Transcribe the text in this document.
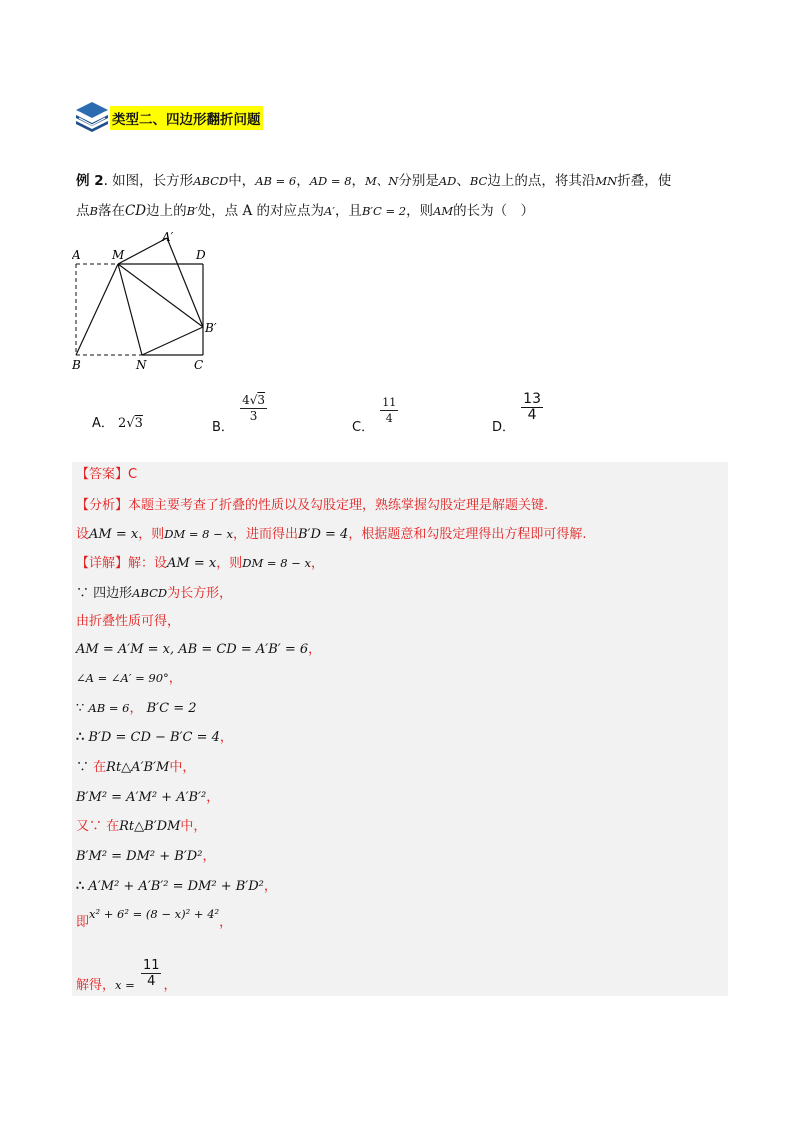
类型二、四边形翻折问题
例 2. 如图，长方形ABCD中，AB = 6，AD = 8，M、N分别是AD、BC边上的点，将其沿MN折叠，使
点B落在CD边上的B′处，点 A 的对应点为A′，且B′C = 2，则AM的长为（　）
A	M
A′
D
B′
B	N	C
A． 2√3	B．
$\frac{4√3}{3}$
C．
$\frac{11}{4}$
D．
$\frac{13}{4}$
【答案】C
【分析】本题主要考查了折叠的性质以及勾股定理，熟练掌握勾股定理是解题关键.
设AM = x，则DM = 8 − x，进而得出B′D = 4，根据题意和勾股定理得出方程即可得解.
【详解】解：设AM = x，则DM = 8 − x，
∵ 四边形ABCD为长方形，
由折叠性质可得，
AM = A′M = x, AB = CD = A′B′ = 6，
∠A = ∠A′ = 90°，
∵ AB = 6， B′C = 2
∴ B′D = CD − B′C = 4，
∵ 在Rt△A′B′M中，
B′M² = A′M² + A′B′²，
又∵ 在Rt△B′DM中，
B′M² = DM² + B′D²，
∴ A′M² + A′B′² = DM² + B′D²，
即x² + 6² = (8 − x)² + 4²，
解得，$x = \frac{11}{4}$ ，
